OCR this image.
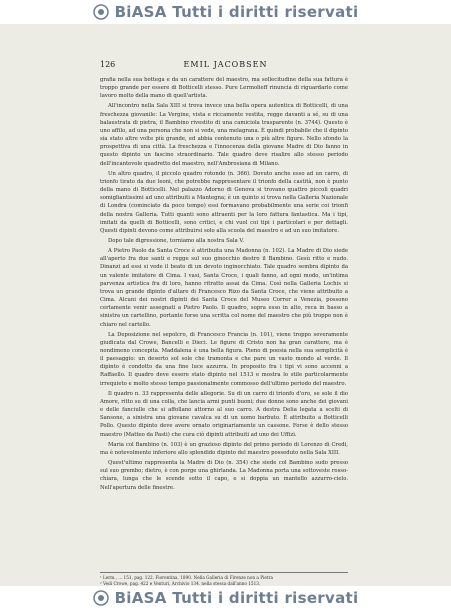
BiASA Tutti i diritti riservati
126	EMIL JACOBSEN

grafia nella sua bottega e da un carattere del maestro, ma sollecitudine della sua fattura è troppo grande per essere di Botticelli stesso. Pure Lermolieff rinuncia di riguardarlo come lavoro molto della mano di quell'artista.

All'incontro nella Sala XIII si trova invece una bella opera autentica di Botticelli, di una freschezza giovanile: La Vergine, vista e riccamente vestita, regge davanti a sé, su di una balaustrata di pietra, il Bambino rivestito di una camiciola trasparente (n. 3744). Questo è uno affilo, ad una persona che non si vede, una melagrana. È quindi probabile che il dipinto sia stato altre volte più grande, ed abbia contenuto una o più altre figure. Nello sfondo la prospettiva di una città. La freschezza e l'innocenza della giovane Madre di Dio fanno in questo dipinto un fascino straordinario. Tale quadro deve risalire allo stesso periodo dell'incantevole quadretto del maestro, nell'Ambrosiana di Milano.

Un altro quadro, il piccolo quadro rotondo (n. 366). Dovuto anche esso ad un carro, di trionfo tirato da due leoni, che potrebbe rappresentare il trionfo della castità, non è punto della mano di Botticelli. Nel palazzo Adorno di Genova si trovano quattro piccoli quadri somigliantissimi ad uno attribuiti a Mantegna; è un quinto si trova nella Galleria Nazionale di Londra (cominciato da poco tempo) essi formavano probabilmente una serie coi trionfi della nostra Galleria. Tutti quanti sono attraenti per la loro fattura fantastica. Ma i tipi, imitati da quelli di Botticelli, sono critici, e chi vuol coi tipi i particolari e per dettagli. Questi dipinti devono come attribuirsi solo alla scuola del maestro e ad un suo imitatore.

Dopo tale digressione, torniamo alla nostra Sala V.

A Pietro Paolo da Santa Croce è attribuita una Madonna (n. 102). La Madre di Dio siede all'aperto fra due santi e regge sul suo ginocchio destro il Bambino. Gesù ritto e nudo. Dinanzi ad essi si vede il beato di un devoto inginocchiato. Tale quadro sembra dipinto da un valente imitatore di Cima. I vasi, Santa Croce, i quali fanno, ad ogni modo, un'intima parvenza artistica fra di loro, hanno ritratto assai da Cima. Così nella Galleria Lochis si trova un grande dipinto d'altare di Francesco Rizo da Santa Croce, che viene attribuito a Cima. Alcuni dei nostri dipinti dei Santa Croce del Museo Correr a Venezia, possono certamente venir assegnati a Pietro Paolo. Il quadro, sopra esso in alto, reca in basso a sinistra un cartellino, portante forse una scritta col nome del maestro che più troppo non è chiaro nel cartello.

La Deposizione nel sepolcro, di Francesco Francia (n. 101), viene troppo severamente giudicata dal Crowe, Bancelli e Dieci. Le figure di Cristo non ha gran carattere, ma è nondimeno concepita. Maddalena è una bella figura. Pieno di poesia nella sua semplicità è il paesaggio: un deserto sol sole che tramonta e che pare un vasto mondo al verde. Il dipinto è condotto da una fine luce azzurra. In proposito fra i tipi vi sono accenni a Raffaello. Il quadro deve essere stato dipinto nel 1513 e mostra lo stile particolarmente irrequieto e molto stesso tempo passionalmente commosso dell'ultimo periodo del maestro.

Il quadro n. 33 rappresenta delle allegorie. Su di un carro di trionfo d'oro, se sole il dio Amore, ritto su di una colla, che lancia armi punti buoni; due donne sono anche dei giovani e delle fanciulle che si affollano attorno al suo carro. A destra Delia legata a scelti di Sansone, a sinistra una giovane cavalca su di un uomo barbuto. È attribuito a Botticelli Pollo. Questo dipinto deve avere ornato originariamente un cassone. Forse è dello stesso maestro (Matteo da Pasti) che cura ciò dipinti attribuiti ad uno dei Uffizi.

Maria col Bambino (n. 103) è un grazioso dipinto del primo periodo di Lorenzo di Credi, ma è notevolmente inferiore allo splendido dipinto del maestro posseduto nella Sala XIII.

Quest'ultimo rappresenta la Madre di Dio (n. 354) che siede col Bambino sudo presso sul suo grembo; dietro, è con porge una ghirlanda. La Madonna porta una sottoveste rosso-chiara, lunga che le scende sotto il capo, e si doppia un mantello azzurro-cielo. Nell'apertura delle finestre.

¹ Lerm., ... 151, pag. 122. Fiorentina, 1890. Nella Galleria di Firenze non a Pietra
² Vedi Crowe, pag. 422 e Venturi, Archivio 134. nella stessa dall'anno 1513.
BiASA Tutti i diritti riservati
